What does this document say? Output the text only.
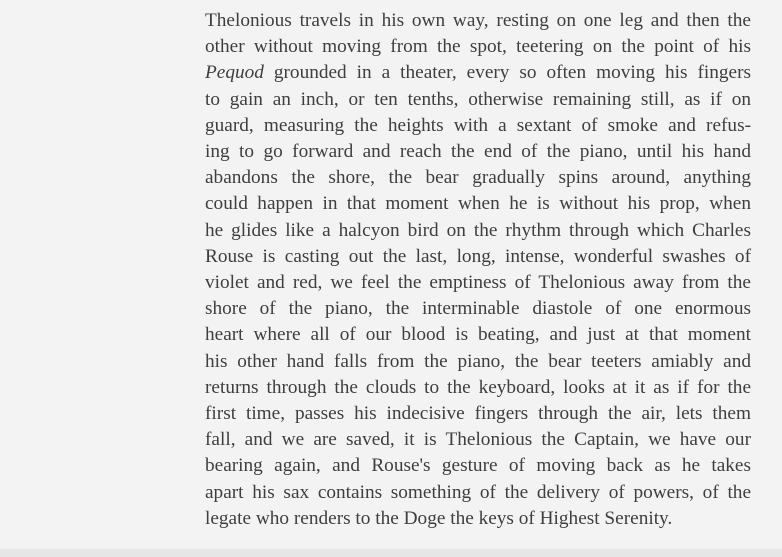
Thelonious travels in his own way, resting on one leg and then the
other without moving from the spot, teetering on the point of his
Pequod grounded in a theater, every so often moving his fingers
to gain an inch, or ten tenths, otherwise remaining still, as if on
guard, measuring the heights with a sextant of smoke and refus-
ing to go forward and reach the end of the piano, until his hand
abandons the shore, the bear gradually spins around, anything
could happen in that moment when he is without his prop, when
he glides like a halcyon bird on the rhythm through which Charles
Rouse is casting out the last, long, intense, wonderful swashes of
violet and red, we feel the emptiness of Thelonious away from the
shore of the piano, the interminable diastole of one enormous
heart where all of our blood is beating, and just at that moment
his other hand falls from the piano, the bear teeters amiably and
returns through the clouds to the keyboard, looks at it as if for the
first time, passes his indecisive fingers through the air, lets them
fall, and we are saved, it is Thelonious the Captain, we have our
bearing again, and Rouse's gesture of moving back as he takes
apart his sax contains something of the delivery of powers, of the
legate who renders to the Doge the keys of Highest Serenity.
